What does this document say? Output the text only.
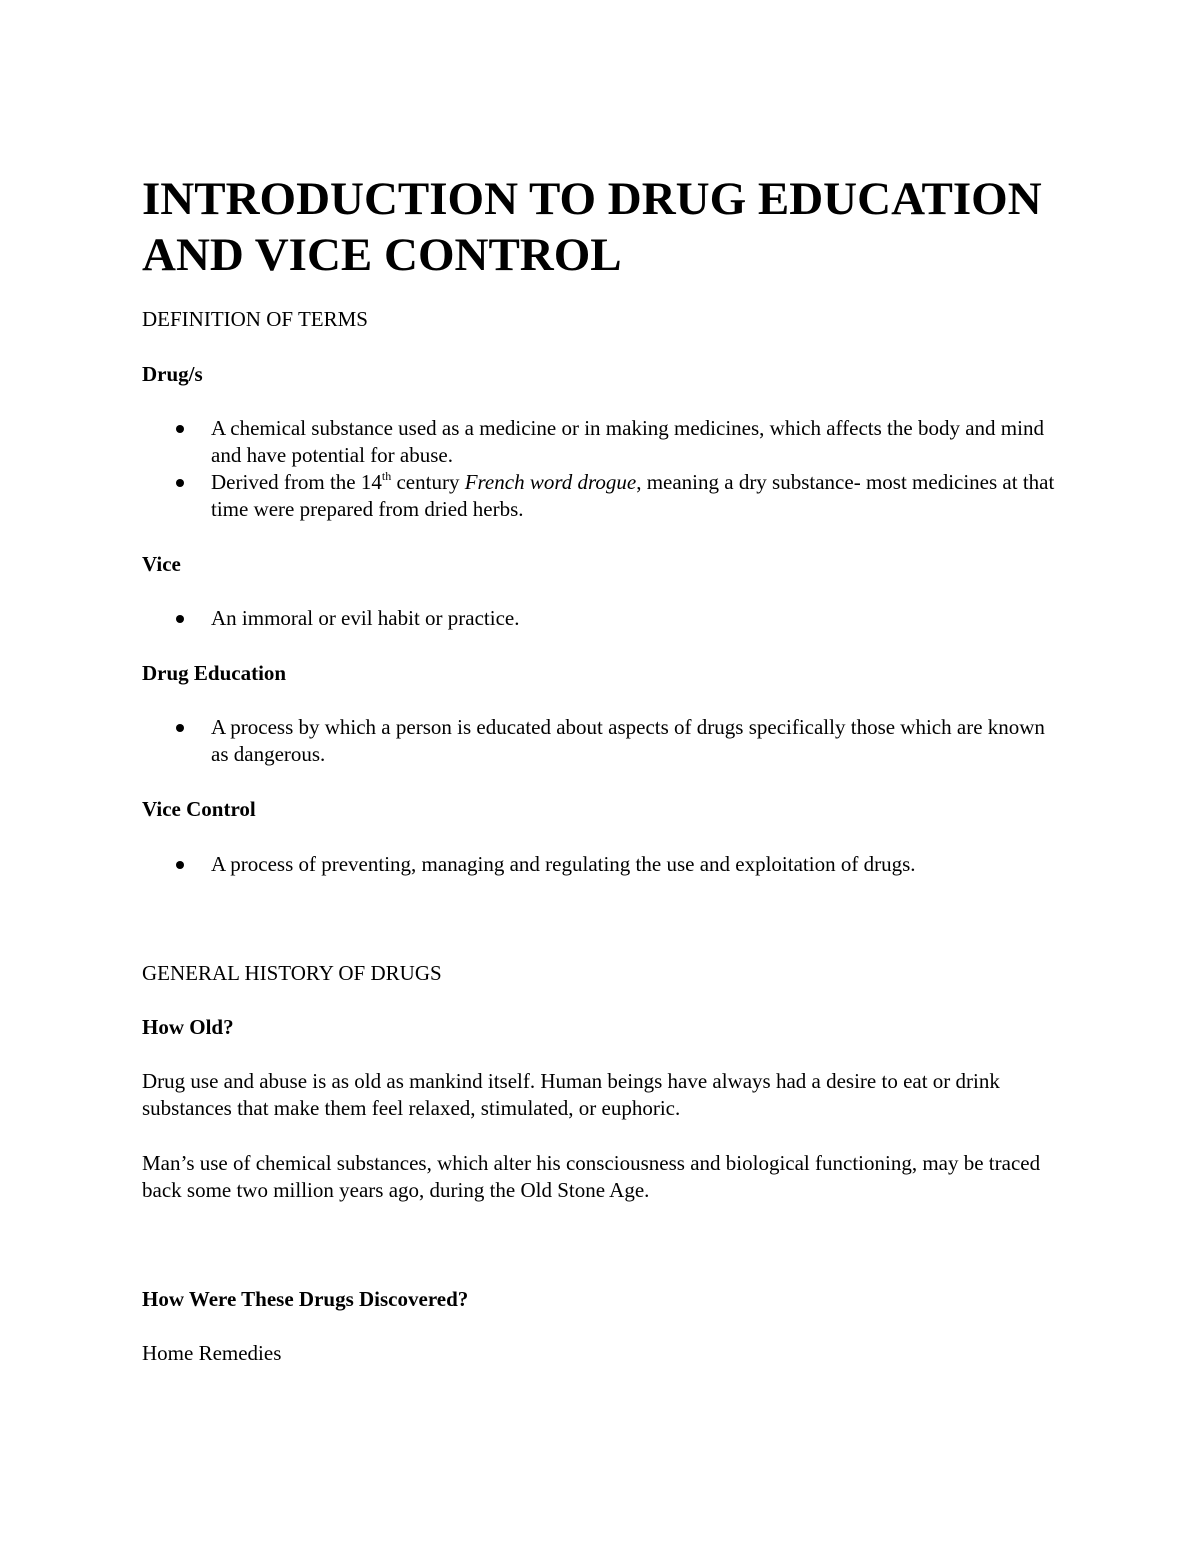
INTRODUCTION TO DRUG EDUCATION AND VICE CONTROL

DEFINITION OF TERMS

Drug/s

A chemical substance used as a medicine or in making medicines, which affects the body and mind and have potential for abuse.
Derived from the 14th century French word drogue, meaning a dry substance- most medicines at that time were prepared from dried herbs.

Vice

An immoral or evil habit or practice.

Drug Education

A process by which a person is educated about aspects of drugs specifically those which are known as dangerous.

Vice Control

A process of preventing, managing and regulating the use and exploitation of drugs.

GENERAL HISTORY OF DRUGS

How Old?

Drug use and abuse is as old as mankind itself. Human beings have always had a desire to eat or drink substances that make them feel relaxed, stimulated, or euphoric.

Man’s use of chemical substances, which alter his consciousness and biological functioning, may be traced back some two million years ago, during the Old Stone Age.

How Were These Drugs Discovered?

Home Remedies
